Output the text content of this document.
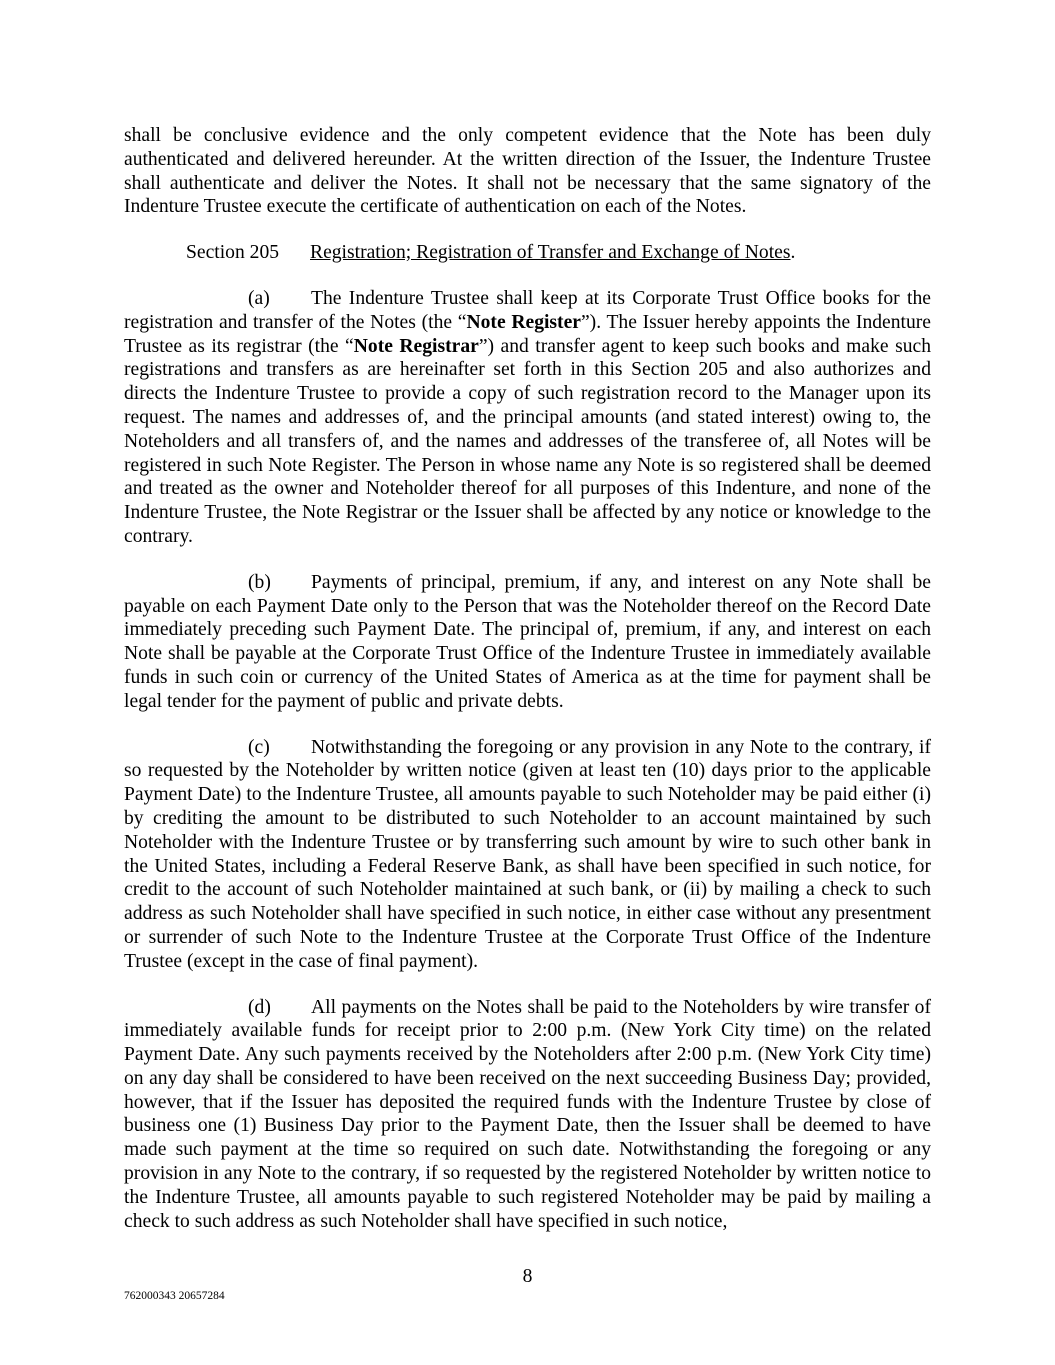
shall be conclusive evidence and the only competent evidence that the Note has been duly authenticated and delivered hereunder. At the written direction of the Issuer, the Indenture Trustee shall authenticate and deliver the Notes. It shall not be necessary that the same signatory of the Indenture Trustee execute the certificate of authentication on each of the Notes.

Section 205 Registration; Registration of Transfer and Exchange of Notes.

(a) The Indenture Trustee shall keep at its Corporate Trust Office books for the registration and transfer of the Notes (the “Note Register”). The Issuer hereby appoints the Indenture Trustee as its registrar (the “Note Registrar”) and transfer agent to keep such books and make such registrations and transfers as are hereinafter set forth in this Section 205 and also authorizes and directs the Indenture Trustee to provide a copy of such registration record to the Manager upon its request. The names and addresses of, and the principal amounts (and stated interest) owing to, the Noteholders and all transfers of, and the names and addresses of the transferee of, all Notes will be registered in such Note Register. The Person in whose name any Note is so registered shall be deemed and treated as the owner and Noteholder thereof for all purposes of this Indenture, and none of the Indenture Trustee, the Note Registrar or the Issuer shall be affected by any notice or knowledge to the contrary.

(b) Payments of principal, premium, if any, and interest on any Note shall be payable on each Payment Date only to the Person that was the Noteholder thereof on the Record Date immediately preceding such Payment Date. The principal of, premium, if any, and interest on each Note shall be payable at the Corporate Trust Office of the Indenture Trustee in immediately available funds in such coin or currency of the United States of America as at the time for payment shall be legal tender for the payment of public and private debts.

(c) Notwithstanding the foregoing or any provision in any Note to the contrary, if so requested by the Noteholder by written notice (given at least ten (10) days prior to the applicable Payment Date) to the Indenture Trustee, all amounts payable to such Noteholder may be paid either (i) by crediting the amount to be distributed to such Noteholder to an account maintained by such Noteholder with the Indenture Trustee or by transferring such amount by wire to such other bank in the United States, including a Federal Reserve Bank, as shall have been specified in such notice, for credit to the account of such Noteholder maintained at such bank, or (ii) by mailing a check to such address as such Noteholder shall have specified in such notice, in either case without any presentment or surrender of such Note to the Indenture Trustee at the Corporate Trust Office of the Indenture Trustee (except in the case of final payment).

(d) All payments on the Notes shall be paid to the Noteholders by wire transfer of immediately available funds for receipt prior to 2:00 p.m. (New York City time) on the related Payment Date. Any such payments received by the Noteholders after 2:00 p.m. (New York City time) on any day shall be considered to have been received on the next succeeding Business Day; provided, however, that if the Issuer has deposited the required funds with the Indenture Trustee by close of business one (1) Business Day prior to the Payment Date, then the Issuer shall be deemed to have made such payment at the time so required on such date. Notwithstanding the foregoing or any provision in any Note to the contrary, if so requested by the registered Noteholder by written notice to the Indenture Trustee, all amounts payable to such registered Noteholder may be paid by mailing a check to such address as such Noteholder shall have specified in such notice,

8
762000343 20657284
